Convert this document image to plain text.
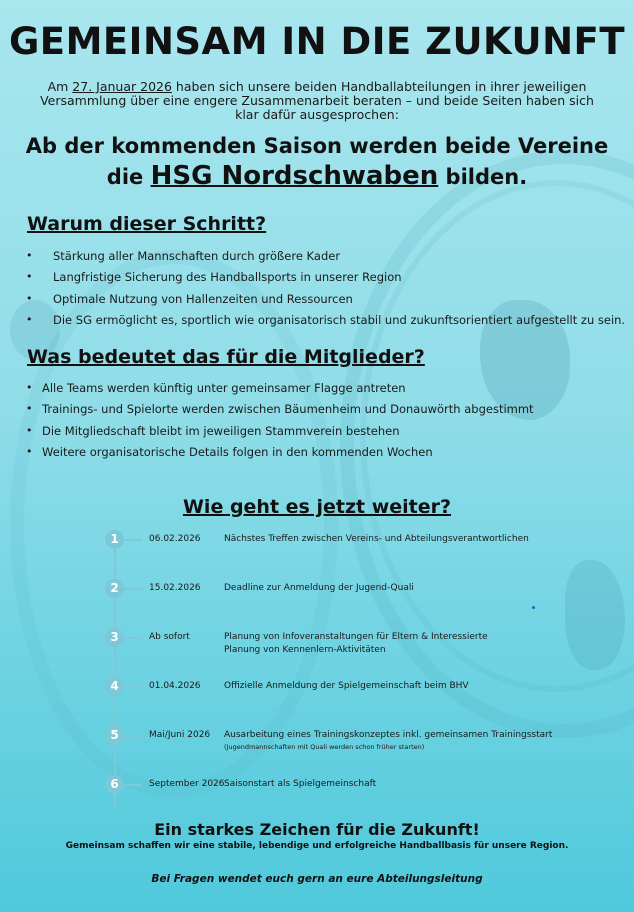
GEMEINSAM IN DIE ZUKUNFT
Am 27. Januar 2026 haben sich unsere beiden Handballabteilungen in ihrer jeweiligen Versammlung über eine engere Zusammenarbeit beraten – und beide Seiten haben sich klar dafür ausgesprochen:

Ab der kommenden Saison werden beide Vereine

die HSG Nordschwaben bilden.

Warum dieser Schritt?
• Stärkung aller Mannschaften durch größere Kader
• Langfristige Sicherung des Handballsports in unserer Region
• Optimale Nutzung von Hallenzeiten und Ressourcen
• Die SG ermöglicht es, sportlich wie organisatorisch stabil und zukunftsorientiert aufgestellt zu sein.
Was bedeutet das für die Mitglieder?
• Alle Teams werden künftig unter gemeinsamer Flagge antreten
• Trainings- und Spielorte werden zwischen Bäumenheim und Donauwörth abgestimmt
• Die Mitgliedschaft bleibt im jeweiligen Stammverein bestehen
• Weitere organisatorische Details folgen in den kommenden Wochen
Wie geht es jetzt weiter?
1	06.02.2026	Nächstes Treffen zwischen Vereins- und Abteilungsverantwortlichen
2	15.02.2026	Deadline zur Anmeldung der Jugend-Quali
3	Ab sofort	Planung von Infoveranstaltungen für Eltern & Interessierte
Planung von Kennenlern-Aktivitäten
4	01.04.2026	Offizielle Anmeldung der Spielgemeinschaft beim BHV
5	Mai/Juni 2026 Ausarbeitung eines Trainingskonzeptes inkl. gemeinsamen Trainingsstart
(Jugendmannschaften mit Quali werden schon früher starten)
6	September 2026 Saisonstart als Spielgemeinschaft

Ein starkes Zeichen für die Zukunft!

Gemeinsam schaffen wir eine stabile, lebendige und erfolgreiche Handballbasis für unsere Region.
Bei Fragen wendet euch gern an eure Abteilungsleitung
